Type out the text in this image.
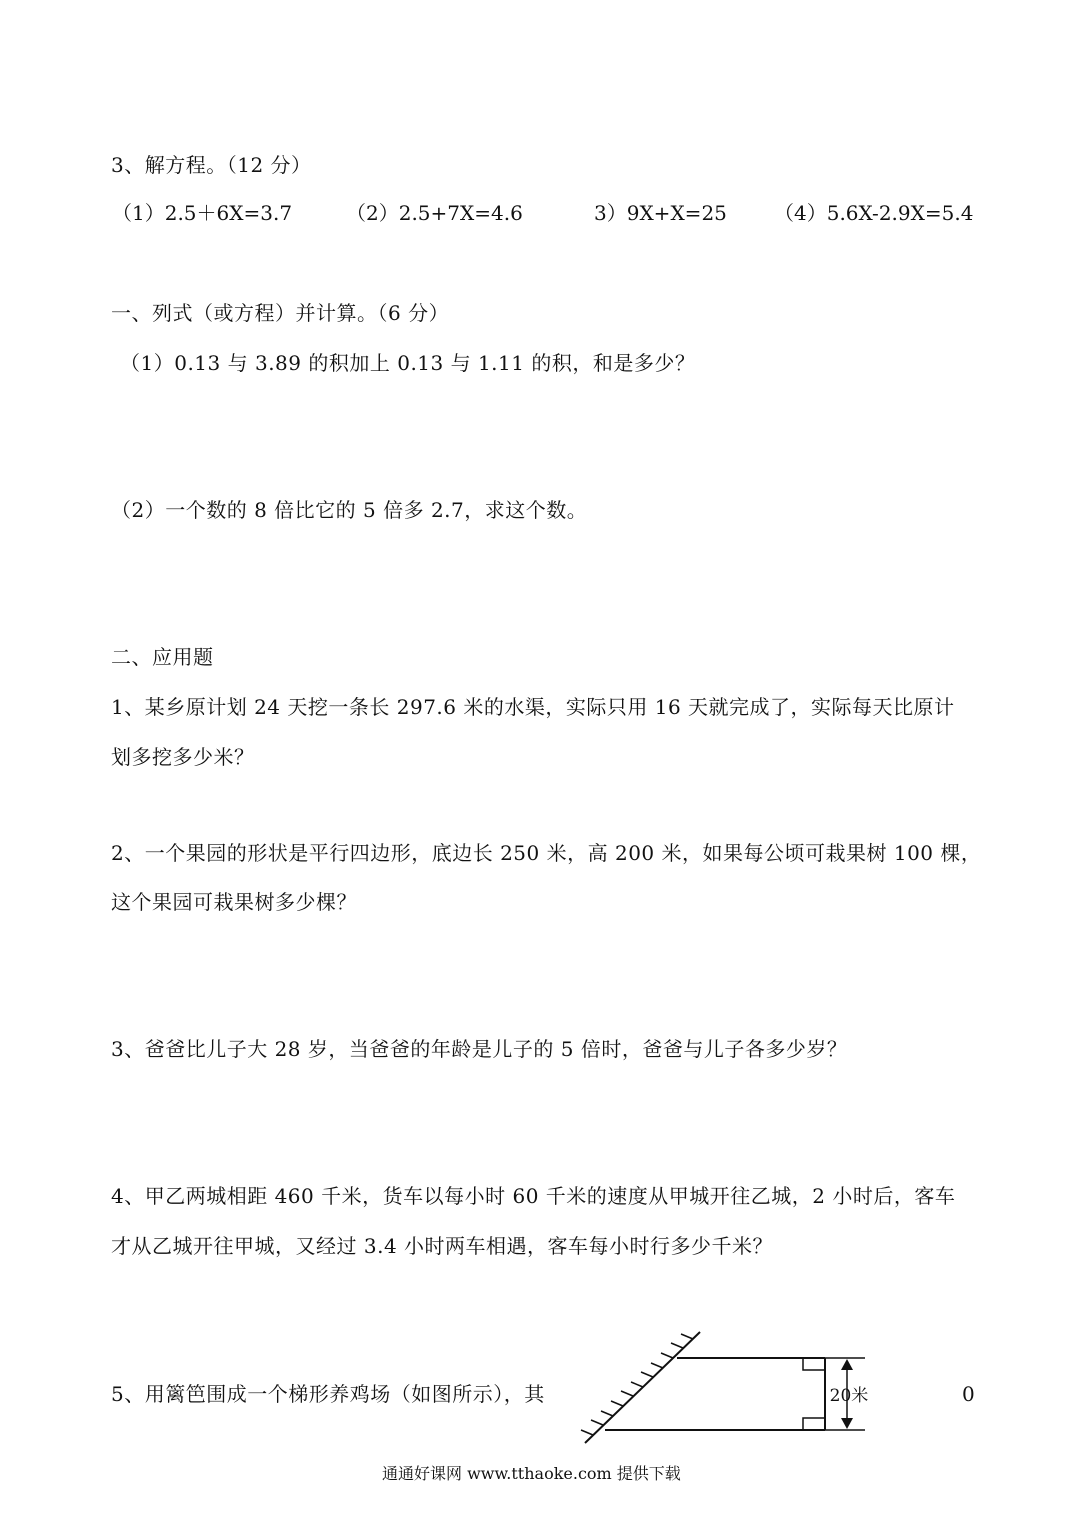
3、解方程。（12 分）
（1）2.5＋6X=3.7	（2）2.5+7X=4.6	3）9X+X=25 （4）5.6X-2.9X=5.4
一、列式（或方程）并计算。（6 分）
（1）0.13 与 3.89 的积加上 0.13 与 1.11 的积，和是多少？
（2）一个数的 8 倍比它的 5 倍多 2.7，求这个数。
二、应用题
1、某乡原计划 24 天挖一条长 297.6 米的水渠，实际只用 16 天就完成了，实际每天比原计
划多挖多少米？
2、一个果园的形状是平行四边形，底边长 250 米，高 200 米，如果每公顷可栽果树 100 棵，
这个果园可栽果树多少棵？
3、爸爸比儿子大 28 岁，当爸爸的年龄是儿子的 5 倍时，爸爸与儿子各多少岁？
4、甲乙两城相距 460 千米，货车以每小时 60 千米的速度从甲城开往乙城，2 小时后，客车
才从乙城开往甲城，又经过 3.4 小时两车相遇，客车每小时行多少千米？
5、用篱笆围成一个梯形养鸡场（如图所示），其	0
20米
通通好课网 www.tthaoke.com 提供下载
